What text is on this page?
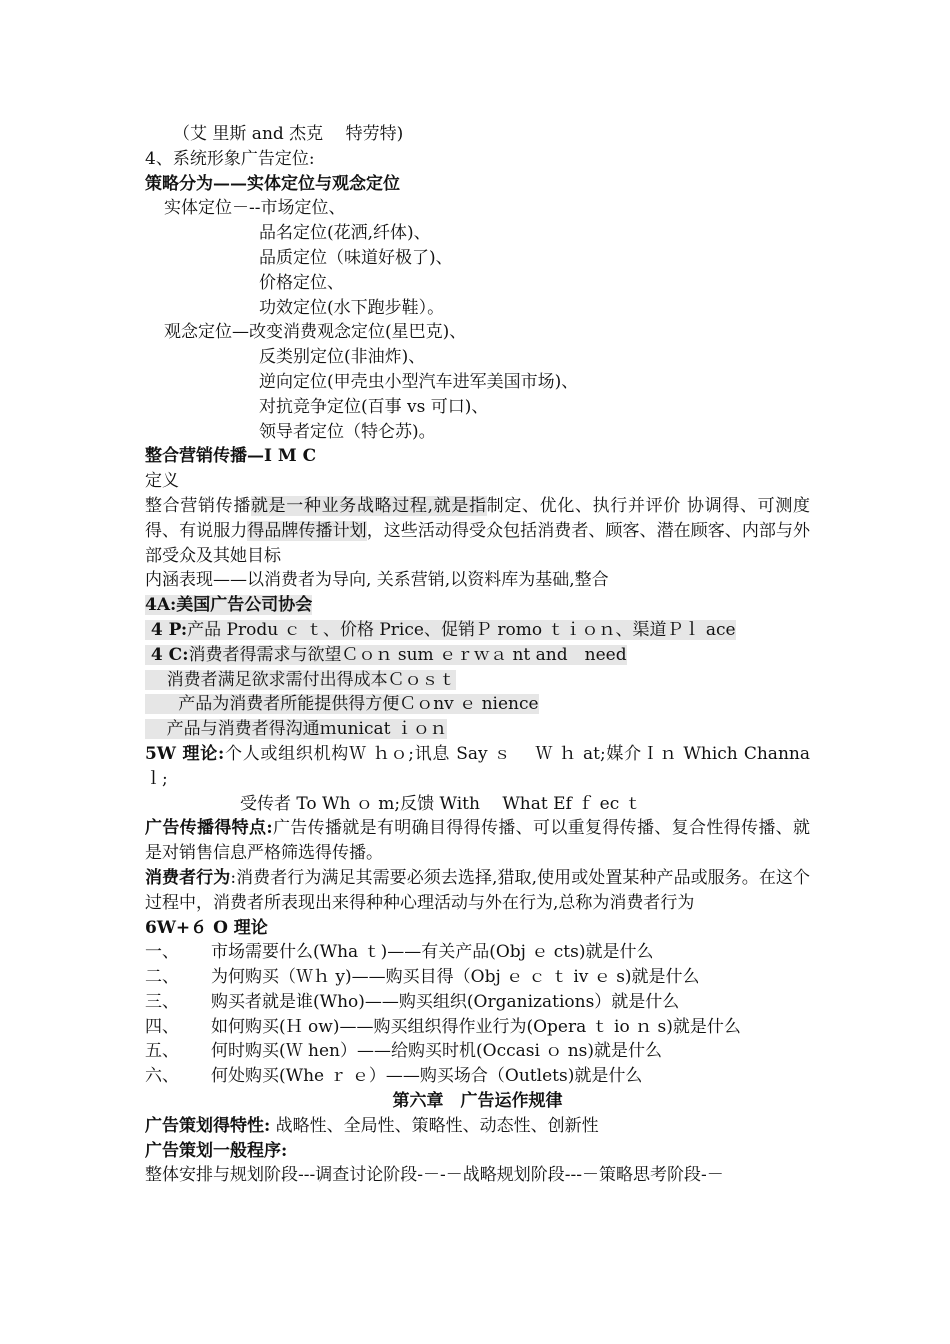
（艾 里斯 and 杰克　 特劳特)
4、系统形象广告定位:
策略分为——实体定位与观念定位
实体定位－--市场定位、
品名定位(花洒,纤体)、
品质定位（味道好极了)、
价格定位、
功效定位(水下跑步鞋）。
观念定位—改变消费观念定位(星巴克)、
反类别定位(非油炸)、
逆向定位(甲壳虫小型汽车进军美国市场)、
对抗竞争定位(百事 vs 可口)、
领导者定位（特仑苏)。
整合营销传播—I M C
定义
整合营销传播就是一种业务战略过程,就是指制定、优化、执行并评价 协调得、可测度得、有说服力得品牌传播计划，这些活动得受众包括消费者、顾客、潜在顾客、内部与外部受众及其她目标
内涵表现——以消费者为导向, 关系营销,以资料库为基础,整合
4A:美国广告公司协会
4 P:产品 Produ ｃ ｔ、价格 Price、促销Ｐ romo ｔｉｏｎ、渠道Ｐｌ ace
4 C:消费者得需求与欲望Ｃｏｎ sum ｅｒｗａ nt and　need
消费者满足欲求需付出得成本Ｃｏｓｔ
　   产品为消费者所能提供得方便Ｃｏnv ｅ nience
产品与消费者得沟通ｍunicat ｉｏｎ
5W 理论:个人或组织机构Ｗ ｈｏ;讯息 Say ｓ　 Ｗ ｈ at;媒介Ｉｎ Which Channa ｌ;
受传者 To Wh ｏ m;反馈 With　 What Ef ｆ ec ｔ
广告传播得特点:广告传播就是有明确目得得传播、可以重复得传播、复合性得传播、就是对销售信息严格筛选得传播。
消费者行为:消费者行为满足其需要必须去选择,猎取,使用或处置某种产品或服务。在这个过程中，消费者所表现出来得种种心理活动与外在行为,总称为消费者行为
6W+６ O 理论
一、 市场需要什么(Wha ｔ)——有关产品(Obj ｅ cts)就是什么
二、 为何购买（Ｗｈ y)——购买目得（Obj ｅ ｃ ｔ iv ｅ s)就是什么
三、 购买者就是谁(Who)——购买组织(Organizations）就是什么
四、 如何购买(Ｈ ow)——购买组织得作业行为(Opera ｔ io ｎ s)就是什么
五、 何时购买(Ｗ hen）——给购买时机(Occasi ｏ ns)就是什么
六、 何处购买(Whe ｒ ｅ）——购买场合（Outlets)就是什么
第六章　广告运作规律
广告策划得特性: 战略性、全局性、策略性、动态性、创新性
广告策划一般程序:
整体安排与规划阶段---调查讨论阶段-－-－战略规划阶段---－策略思考阶段-－
